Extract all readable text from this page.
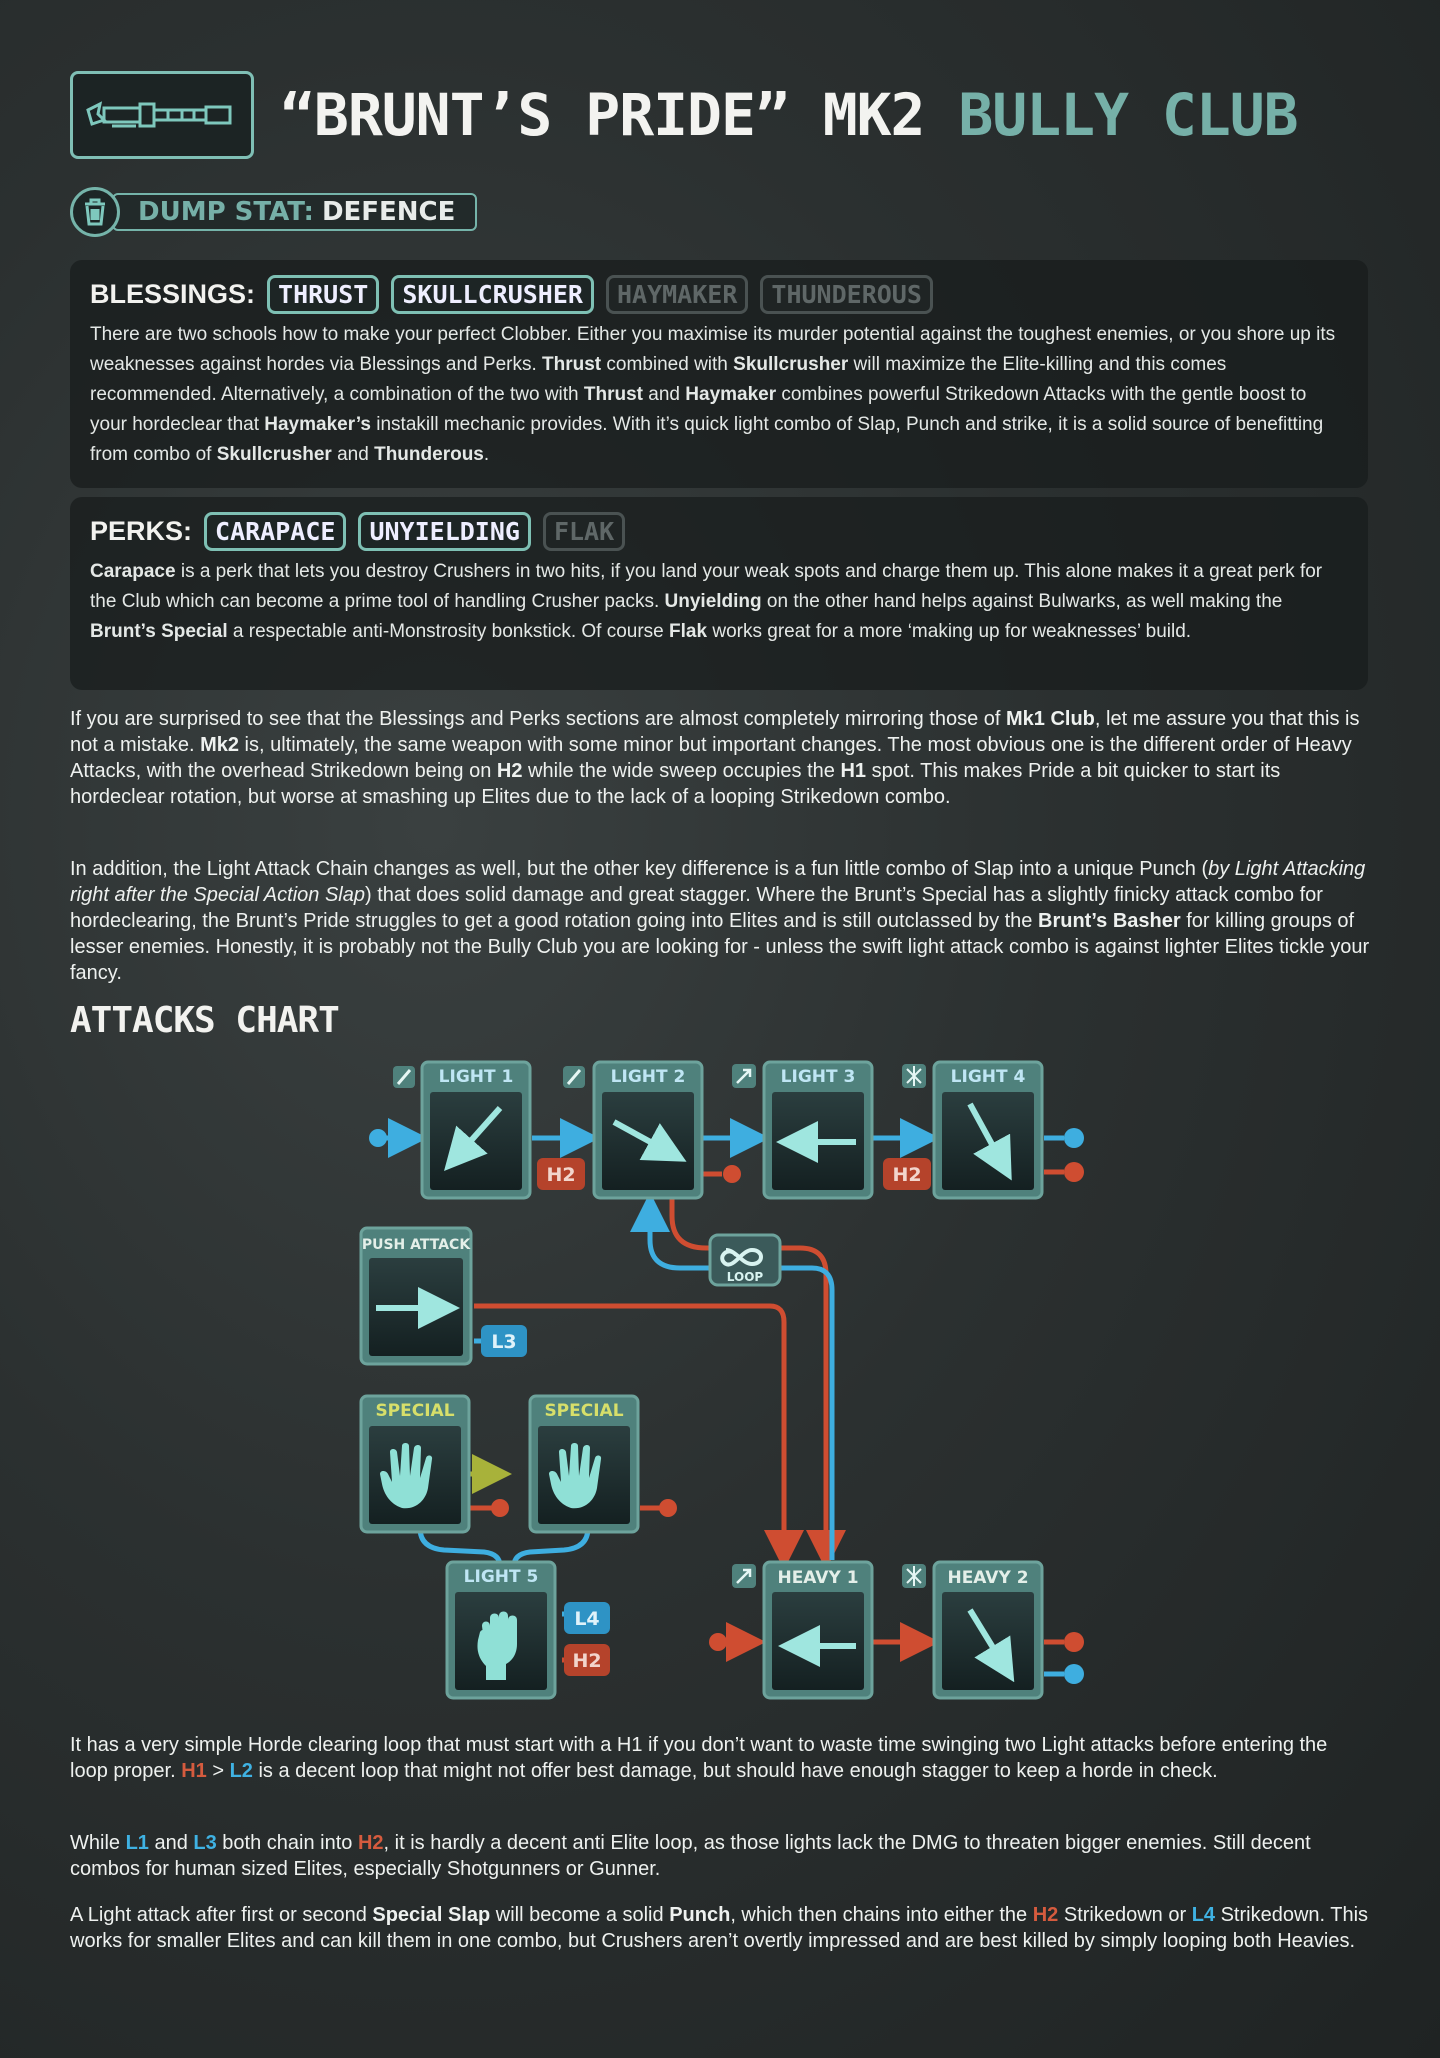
“BRUNT’S PRIDE” MK2 BULLY CLUB
DUMP STAT: DEFENCE
BLESSINGS: THRUST SKULLCRUSHER HAYMAKER THUNDEROUS

There are two schools how to make your perfect Clobber. Either you maximise its murder potential against the toughest enemies, or you shore up its weaknesses against hordes via Blessings and Perks. Thrust combined with Skullcrusher will maximize the Elite-killing and this comes recommended. Alternatively, a combination of the two with Thrust and Haymaker combines powerful Strikedown Attacks with the gentle boost to your hordeclear that Haymaker’s instakill mechanic provides. With it’s quick light combo of Slap, Punch and strike, it is a solid source of benefitting from combo of Skullcrusher and Thunderous.

PERKS: CARAPACE UNYIELDING FLAK

Carapace is a perk that lets you destroy Crushers in two hits, if you land your weak spots and charge them up. This alone makes it a great perk for the Club which can become a prime tool of handling Crusher packs. Unyielding on the other hand helps against Bulwarks, as well making the Brunt’s Special a respectable anti-Monstrosity bonkstick. Of course Flak works great for a more ‘making up for weaknesses’ build.

If you are surprised to see that the Blessings and Perks sections are almost completely mirroring those of Mk1 Club, let me assure you that this is not a mistake. Mk2 is, ultimately, the same weapon with some minor but important changes. The most obvious one is the different order of Heavy Attacks, with the overhead Strikedown being on H2 while the wide sweep occupies the H1 spot. This makes Pride a bit quicker to start its hordeclear rotation, but worse at smashing up Elites due to the lack of a looping Strikedown combo.

In addition, the Light Attack Chain changes as well, but the other key difference is a fun little combo of Slap into a unique Punch (by Light Attacking right after the Special Action Slap) that does solid damage and great stagger. Where the Brunt’s Special has a slightly finicky attack combo for hordeclearing, the Brunt’s Pride struggles to get a good rotation going into Elites and is still outclassed by the Brunt’s Basher for killing groups of lesser enemies. Honestly, it is probably not the Bully Club you are looking for - unless the swift light attack combo is against lighter Elites tickle your fancy.

ATTACKS CHART
LIGHT 1	LIGHT 2	LIGHT 3	LIGHT 4
H2	H2
LOOP
PUSH ATTACK
L3
SPECIAL	SPECIAL
LIGHT 5
L4
H2
HEAVY 1	HEAVY 2

It has a very simple Horde clearing loop that must start with a H1 if you don’t want to waste time swinging two Light attacks before entering the loop proper. H1 > L2 is a decent loop that might not offer best damage, but should have enough stagger to keep a horde in check.

While L1 and L3 both chain into H2, it is hardly a decent anti Elite loop, as those lights lack the DMG to threaten bigger enemies. Still decent combos for human sized Elites, especially Shotgunners or Gunner.

A Light attack after first or second Special Slap will become a solid Punch, which then chains into either the H2 Strikedown or L4 Strikedown. This works for smaller Elites and can kill them in one combo, but Crushers aren’t overtly impressed and are best killed by simply looping both Heavies.
